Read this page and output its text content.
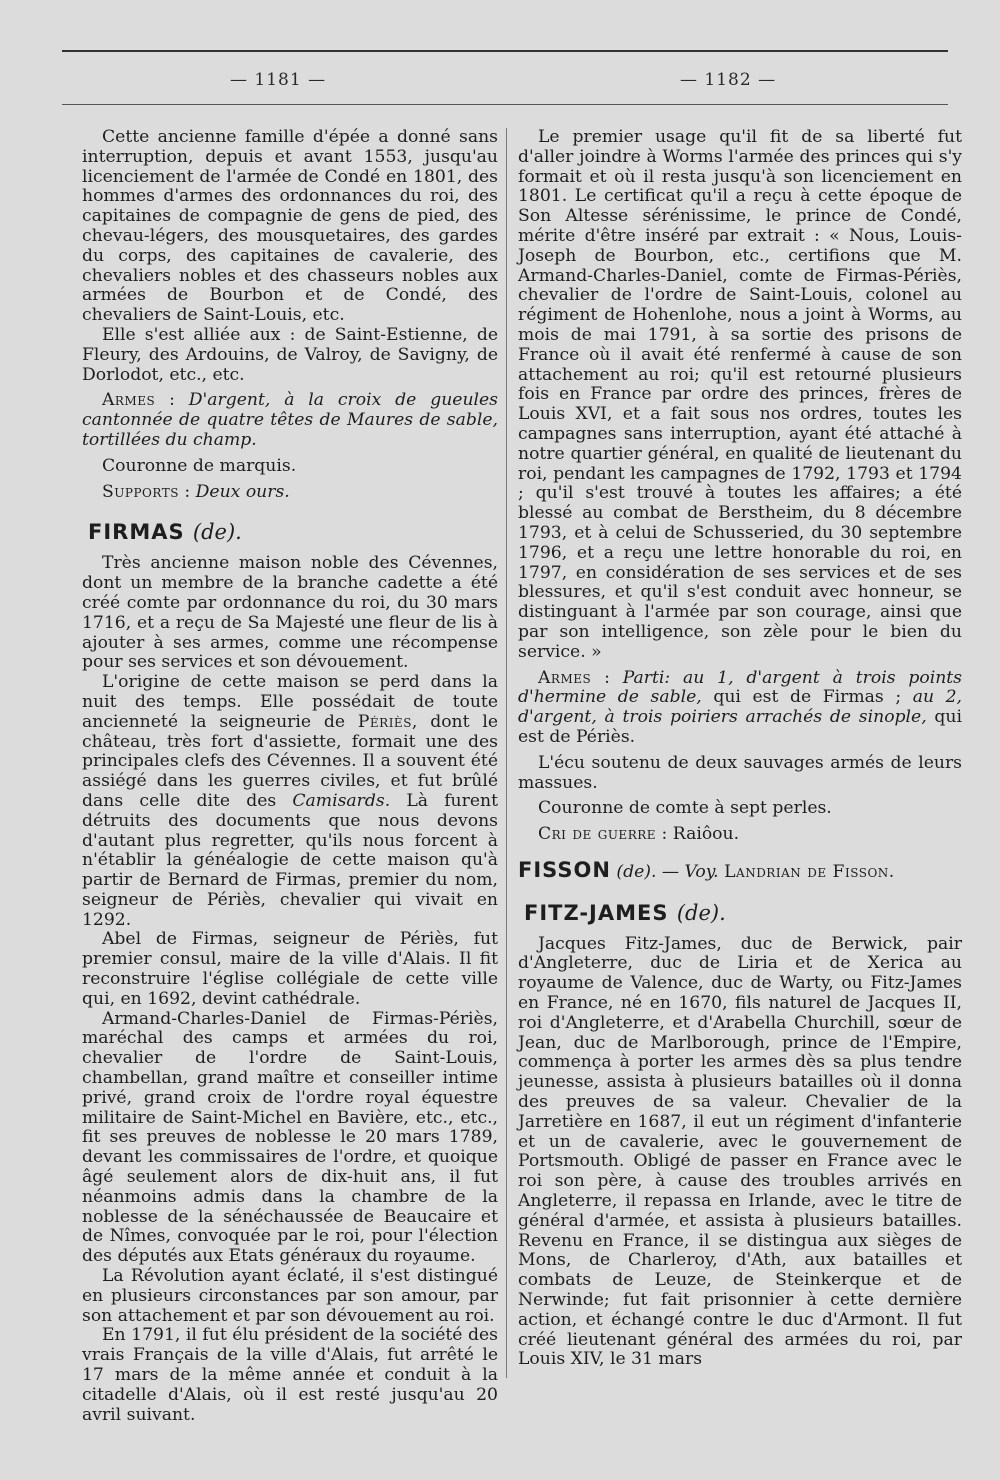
— 1181 —	— 1182 —

Cette ancienne famille d'épée a donné sans interruption, depuis et avant 1553, jusqu'au licenciement de l'armée de Condé en 1801, des hommes d'armes des ordonnances du roi, des capitaines de compagnie de gens de pied, des chevau-légers, des mousquetaires, des gardes du corps, des capitaines de cavalerie, des chevaliers nobles et des chasseurs nobles aux armées de Bourbon et de Condé, des chevaliers de Saint-Louis, etc.

Elle s'est alliée aux : de Saint-Estienne, de Fleury, des Ardouins, de Valroy, de Savigny, de Dorlodot, etc., etc.

Armes : D'argent, à la croix de gueules cantonnée de quatre têtes de Maures de sable, tortillées du champ.

Couronne de marquis.

Supports : Deux ours.

FIRMAS (de).

Très ancienne maison noble des Cévennes, dont un membre de la branche cadette a été créé comte par ordonnance du roi, du 30 mars 1716, et a reçu de Sa Majesté une fleur de lis à ajouter à ses armes, comme une récompense pour ses services et son dévouement.

L'origine de cette maison se perd dans la nuit des temps. Elle possédait de toute ancienneté la seigneurie de Périès, dont le château, très fort d'assiette, formait une des principales clefs des Cévennes. Il a souvent été assiégé dans les guerres civiles, et fut brûlé dans celle dite des Camisards. Là furent détruits des documents que nous devons d'autant plus regretter, qu'ils nous forcent à n'établir la généalogie de cette maison qu'à partir de Bernard de Firmas, premier du nom, seigneur de Périès, chevalier qui vivait en 1292.

Abel de Firmas, seigneur de Périès, fut premier consul, maire de la ville d'Alais. Il fit reconstruire l'église collégiale de cette ville qui, en 1692, devint cathédrale.

Armand-Charles-Daniel de Firmas-Périès, maréchal des camps et armées du roi, chevalier de l'ordre de Saint-Louis, chambellan, grand maître et conseiller intime privé, grand croix de l'ordre royal équestre militaire de Saint-Michel en Bavière, etc., etc., fit ses preuves de noblesse le 20 mars 1789, devant les commissaires de l'ordre, et quoique âgé seulement alors de dix-huit ans, il fut néanmoins admis dans la chambre de la noblesse de la sénéchaussée de Beaucaire et de Nîmes, convoquée par le roi, pour l'élection des députés aux Etats généraux du royaume.

La Révolution ayant éclaté, il s'est distingué en plusieurs circonstances par son amour, par son attachement et par son dévouement au roi.

En 1791, il fut élu président de la société des vrais Français de la ville d'Alais, fut arrêté le 17 mars de la même année et conduit à la citadelle d'Alais, où il est resté jusqu'au 20 avril suivant.

Le premier usage qu'il fit de sa liberté fut d'aller joindre à Worms l'armée des princes qui s'y formait et où il resta jusqu'à son licenciement en 1801. Le certificat qu'il a reçu à cette époque de Son Altesse sérénissime, le prince de Condé, mérite d'être inséré par extrait : « Nous, Louis-Joseph de Bourbon, etc., certifions que M. Armand-Charles-Daniel, comte de Firmas-Périès, chevalier de l'ordre de Saint-Louis, colonel au régiment de Hohenlohe, nous a joint à Worms, au mois de mai 1791, à sa sortie des prisons de France où il avait été renfermé à cause de son attachement au roi; qu'il est retourné plusieurs fois en France par ordre des princes, frères de Louis XVI, et a fait sous nos ordres, toutes les campagnes sans interruption, ayant été attaché à notre quartier général, en qualité de lieutenant du roi, pendant les campagnes de 1792, 1793 et 1794 ; qu'il s'est trouvé à toutes les affaires; a été blessé au combat de Berstheim, du 8 décembre 1793, et à celui de Schusseried, du 30 septembre 1796, et a reçu une lettre honorable du roi, en 1797, en considération de ses services et de ses blessures, et qu'il s'est conduit avec honneur, se distinguant à l'armée par son courage, ainsi que par son intelligence, son zèle pour le bien du service. »

Armes : Parti: au 1, d'argent à trois points d'hermine de sable, qui est de Firmas ; au 2, d'argent, à trois poiriers arrachés de sinople, qui est de Périès.

L'écu soutenu de deux sauvages armés de leurs massues.

Couronne de comte à sept perles.

Cri de guerre : Raiôou.

FISSON (de). — Voy. Landrian de Fisson.

FITZ-JAMES (de).

Jacques Fitz-James, duc de Berwick, pair d'Angleterre, duc de Liria et de Xerica au royaume de Valence, duc de Warty, ou Fitz-James en France, né en 1670, fils naturel de Jacques II, roi d'Angleterre, et d'Arabella Churchill, sœur de Jean, duc de Marlborough, prince de l'Empire, commença à porter les armes dès sa plus tendre jeunesse, assista à plusieurs batailles où il donna des preuves de sa valeur. Chevalier de la Jarretière en 1687, il eut un régiment d'infanterie et un de cavalerie, avec le gouvernement de Portsmouth. Obligé de passer en France avec le roi son père, à cause des troubles arrivés en Angleterre, il repassa en Irlande, avec le titre de général d'armée, et assista à plusieurs batailles. Revenu en France, il se distingua aux sièges de Mons, de Charleroy, d'Ath, aux batailles et combats de Leuze, de Steinkerque et de Nerwinde; fut fait prisonnier à cette dernière action, et échangé contre le duc d'Armont. Il fut créé lieutenant général des armées du roi, par Louis XIV, le 31 mars
